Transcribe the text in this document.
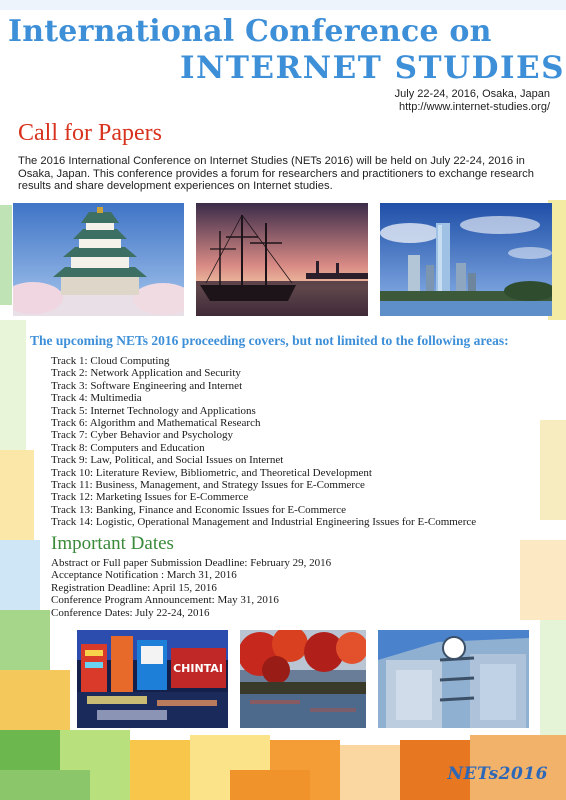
International Conference on
INTERNET STUDIES
July 22-24, 2016, Osaka, Japan
http://www.internet-studies.org/
Call for Papers

The 2016 International Conference on Internet Studies (NETs 2016) will be held on July 22-24, 2016 in Osaka, Japan. This conference provides a forum for researchers and practitioners to exchange research results and share development experiences on Internet studies.

The upcoming NETs 2016 proceeding covers, but not limited to the following areas:
Track 1: Cloud Computing
Track 2: Network Application and Security
Track 3: Software Engineering and Internet
Track 4: Multimedia
Track 5: Internet Technology and Applications
Track 6: Algorithm and Mathematical Research
Track 7: Cyber Behavior and Psychology
Track 8: Computers and Education
Track 9: Law, Political, and Social Issues on Internet
Track 10: Literature Review, Bibliometric, and Theoretical Development
Track 11: Business, Management, and Strategy Issues for E-Commerce
Track 12: Marketing Issues for E-Commerce
Track 13: Banking, Finance and Economic Issues for E-Commerce
Track 14: Logistic, Operational Management and Industrial Engineering Issues for E-Commerce
Important Dates
Abstract or Full paper Submission Deadline: February 29, 2016
Acceptance Notification : March 31, 2016
Registration Deadline: April 15, 2016
Conference Program Announcement: May 31, 2016
Conference Dates: July 22-24, 2016
CHINTAI
NETs2016
